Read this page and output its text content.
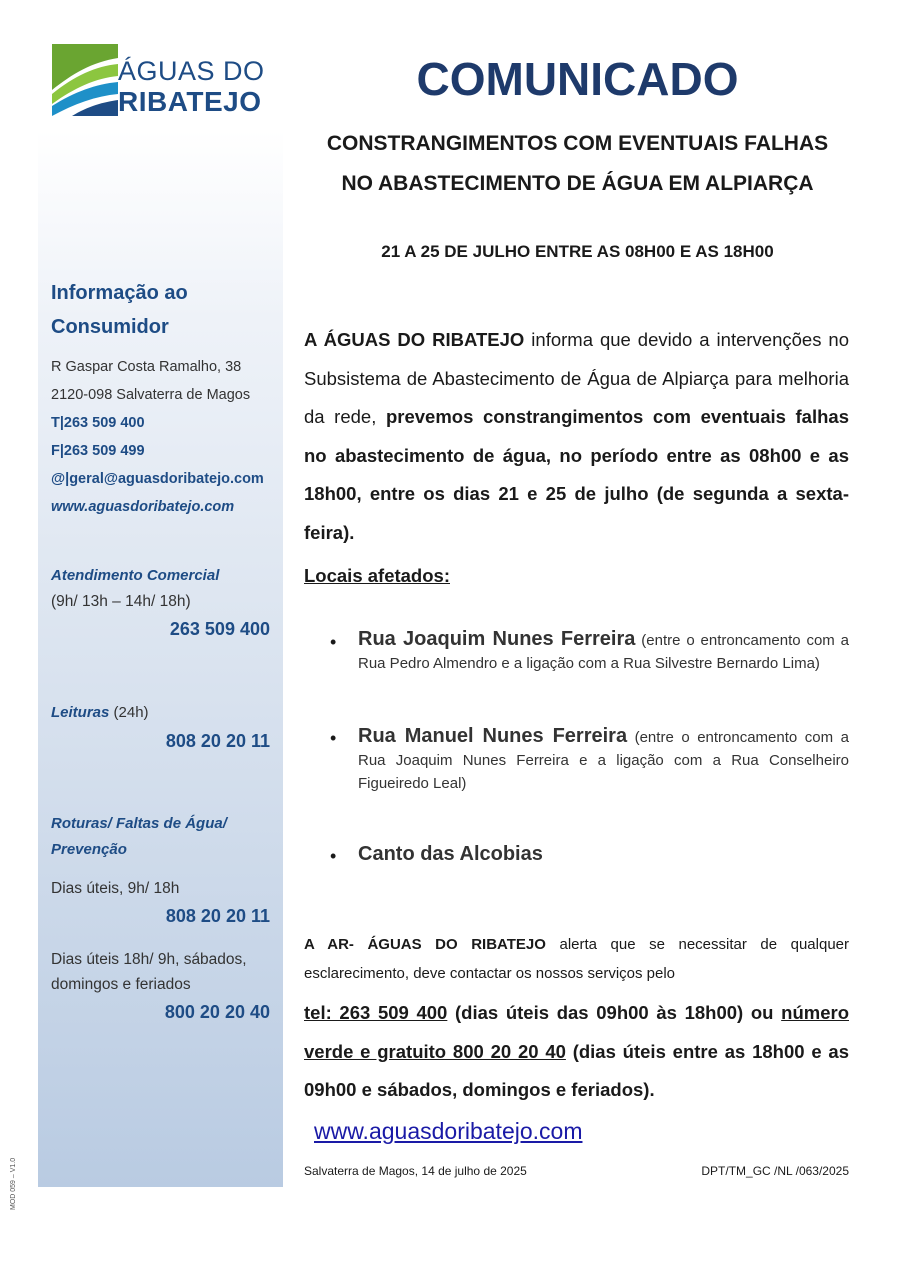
ÁGUAS DO
RIBATEJO
Informação ao
Consumidor
R Gaspar Costa Ramalho, 38
2120-098 Salvaterra de Magos
T|263 509 400
F|263 509 499
@|geral@aguasdoribatejo.com
www.aguasdoribatejo.com
Atendimento Comercial
(9h/ 13h – 14h/ 18h)
263 509 400
Leituras (24h)
808 20 20 11
Roturas/ Faltas de Água/
Prevenção
Dias úteis, 9h/ 18h
808 20 20 11
Dias úteis 18h/ 9h, sábados,
domingos e feriados
800 20 20 40
COMUNICADO
CONSTRANGIMENTOS COM EVENTUAIS FALHAS
NO ABASTECIMENTO DE ÁGUA EM ALPIARÇA
21 A 25 DE JULHO ENTRE AS 08H00 E AS 18H00
A ÁGUAS DO RIBATEJO informa que devido a intervenções no Subsistema de Abastecimento de Água de Alpiarça para melhoria da rede, prevemos constrangimentos com eventuais falhas no abastecimento de água, no período entre as 08h00 e as 18h00, entre os dias 21 e 25 de julho (de segunda a sexta-feira).
Locais afetados:
• Rua Joaquim Nunes Ferreira (entre o entroncamento com a Rua Pedro Almendro e a ligação com a Rua Silvestre Bernardo Lima)
• Rua Manuel Nunes Ferreira (entre o entroncamento com a Rua Joaquim Nunes Ferreira e a ligação com a Rua Conselheiro Figueiredo Leal)
• Canto das Alcobias
A AR- ÁGUAS DO RIBATEJO alerta que se necessitar de qualquer esclarecimento, deve contactar os nossos serviços pelo
tel: 263 509 400 (dias úteis das 09h00 às 18h00) ou número verde e gratuito 800 20 20 40 (dias úteis entre as 18h00 e as 09h00 e sábados, domingos e feriados).
www.aguasdoribatejo.com
Salvaterra de Magos, 14 de julho de 2025	DPT/TM_GC /NL /063/2025
MOD 059 – V1.0
